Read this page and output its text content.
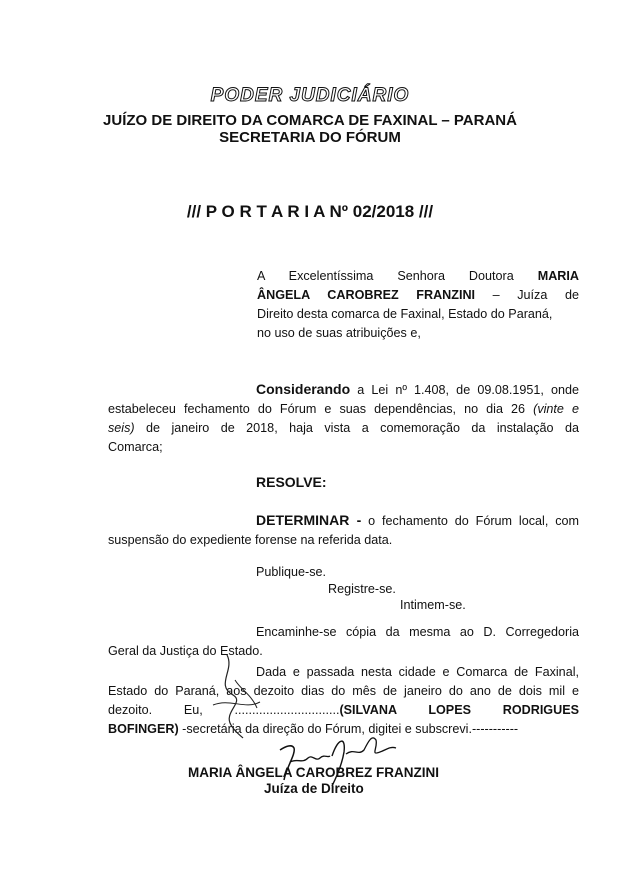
PODER JUDICIÁRIO
JUÍZO DE DIREITO DA COMARCA DE FAXINAL – PARANÁ
SECRETARIA DO FÓRUM
/// P O R T A R I A Nº 02/2018 ///
A Excelentíssima Senhora Doutora MARIA
ÂNGELA CAROBREZ FRANZINI – Juíza de
Direito desta comarca de Faxinal, Estado do Paraná,
no uso de suas atribuições e,
Considerando a Lei nº 1.408, de 09.08.1951, onde
estabeleceu fechamento do Fórum e suas dependências, no dia 26 (vinte e
seis) de janeiro de 2018, haja vista a comemoração da instalação da
Comarca;
RESOLVE:
DETERMINAR - o fechamento do Fórum local, com
suspensão do expediente forense na referida data.
Publique-se.
Registre-se.
Intimem-se.
Encaminhe-se cópia da mesma ao D. Corregedoria
Geral da Justiça do Estado.
Dada e passada nesta cidade e Comarca de Faxinal,
Estado do Paraná, aos dezoito dias do mês de janeiro do ano de dois mil e
dezoito. Eu, ..............................(SILVANA LOPES RODRIGUES
BOFINGER) -secretária da direção do Fórum, digitei e subscrevi.-----------
MARIA ÂNGELA CAROBREZ FRANZINI
Juíza de Direito
